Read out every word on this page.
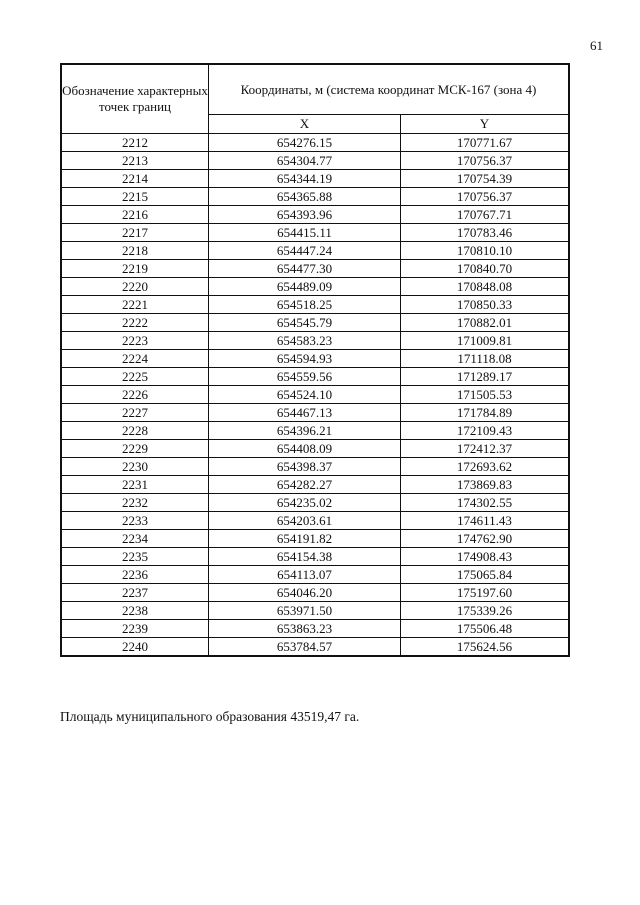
61
Обозначение характерных точек границ	Координаты, м (система координат МСК-167 (зона 4)	
	X	Y
2212	654276.15	170771.67
2213	654304.77	170756.37
2214	654344.19	170754.39
2215	654365.88	170756.37
2216	654393.96	170767.71
2217	654415.11	170783.46
2218	654447.24	170810.10
2219	654477.30	170840.70
2220	654489.09	170848.08
2221	654518.25	170850.33
2222	654545.79	170882.01
2223	654583.23	171009.81
2224	654594.93	171118.08
2225	654559.56	171289.17
2226	654524.10	171505.53
2227	654467.13	171784.89
2228	654396.21	172109.43
2229	654408.09	172412.37
2230	654398.37	172693.62
2231	654282.27	173869.83
2232	654235.02	174302.55
2233	654203.61	174611.43
2234	654191.82	174762.90
2235	654154.38	174908.43
2236	654113.07	175065.84
2237	654046.20	175197.60
2238	653971.50	175339.26
2239	653863.23	175506.48
2240	653784.57	175624.56
Площадь муниципального образования 43519,47 га.
